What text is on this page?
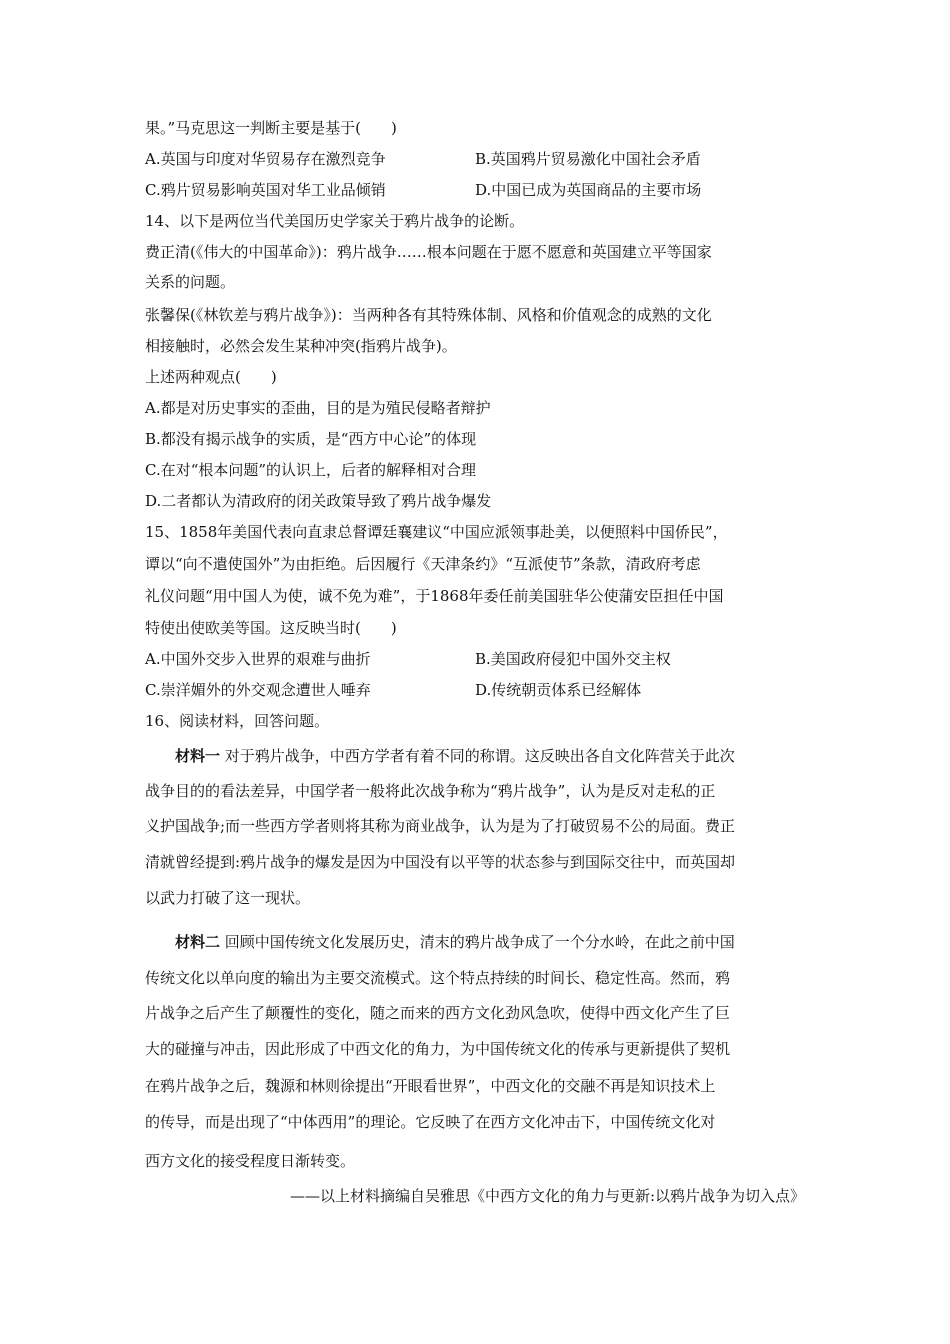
果。”马克思这一判断主要是基于(　　)
A.英国与印度对华贸易存在激烈竞争	B.英国鸦片贸易激化中国社会矛盾
C.鸦片贸易影响英国对华工业品倾销	D.中国已成为英国商品的主要市场
14、以下是两位当代美国历史学家关于鸦片战争的论断。
费正清(《伟大的中国革命》)：鸦片战争……根本问题在于愿不愿意和英国建立平等国家
关系的问题。
张馨保(《林钦差与鸦片战争》)：当两种各有其特殊体制、风格和价值观念的成熟的文化
相接触时，必然会发生某种冲突(指鸦片战争)。
上述两种观点(　　)
A.都是对历史事实的歪曲，目的是为殖民侵略者辩护
B.都没有揭示战争的实质，是“西方中心论”的体现
C.在对“根本问题”的认识上，后者的解释相对合理
D.二者都认为清政府的闭关政策导致了鸦片战争爆发
15、1858年美国代表向直隶总督谭廷襄建议“中国应派领事赴美，以便照料中国侨民”，
谭以“向不遣使国外”为由拒绝。后因履行《天津条约》“互派使节”条款，清政府考虑
礼仪问题“用中国人为使，诚不免为难”，于1868年委任前美国驻华公使蒲安臣担任中国
特使出使欧美等国。这反映当时(　　)
A.中国外交步入世界的艰难与曲折	B.美国政府侵犯中国外交主权
C.崇洋媚外的外交观念遭世人唾弃	D.传统朝贡体系已经解体
16、阅读材料，回答问题。
材料一 对于鸦片战争，中西方学者有着不同的称谓。这反映出各自文化阵营关于此次
战争目的的看法差异，中国学者一般将此次战争称为“鸦片战争”，认为是反对走私的正
义护国战争;而一些西方学者则将其称为商业战争，认为是为了打破贸易不公的局面。费正
清就曾经提到:鸦片战争的爆发是因为中国没有以平等的状态参与到国际交往中，而英国却
以武力打破了这一现状。
材料二 回顾中国传统文化发展历史，清末的鸦片战争成了一个分水岭，在此之前中国
传统文化以单向度的输出为主要交流模式。这个特点持续的时间长、稳定性高。然而，鸦
片战争之后产生了颠覆性的变化，随之而来的西方文化劲风急吹，使得中西文化产生了巨
大的碰撞与冲击，因此形成了中西文化的角力，为中国传统文化的传承与更新提供了契机
在鸦片战争之后，魏源和林则徐提出“开眼看世界”，中西文化的交融不再是知识技术上
的传导，而是出现了“中体西用”的理论。它反映了在西方文化冲击下，中国传统文化对
西方文化的接受程度日渐转变。
——以上材料摘编自吴雅思《中西方文化的角力与更新:以鸦片战争为切入点》
